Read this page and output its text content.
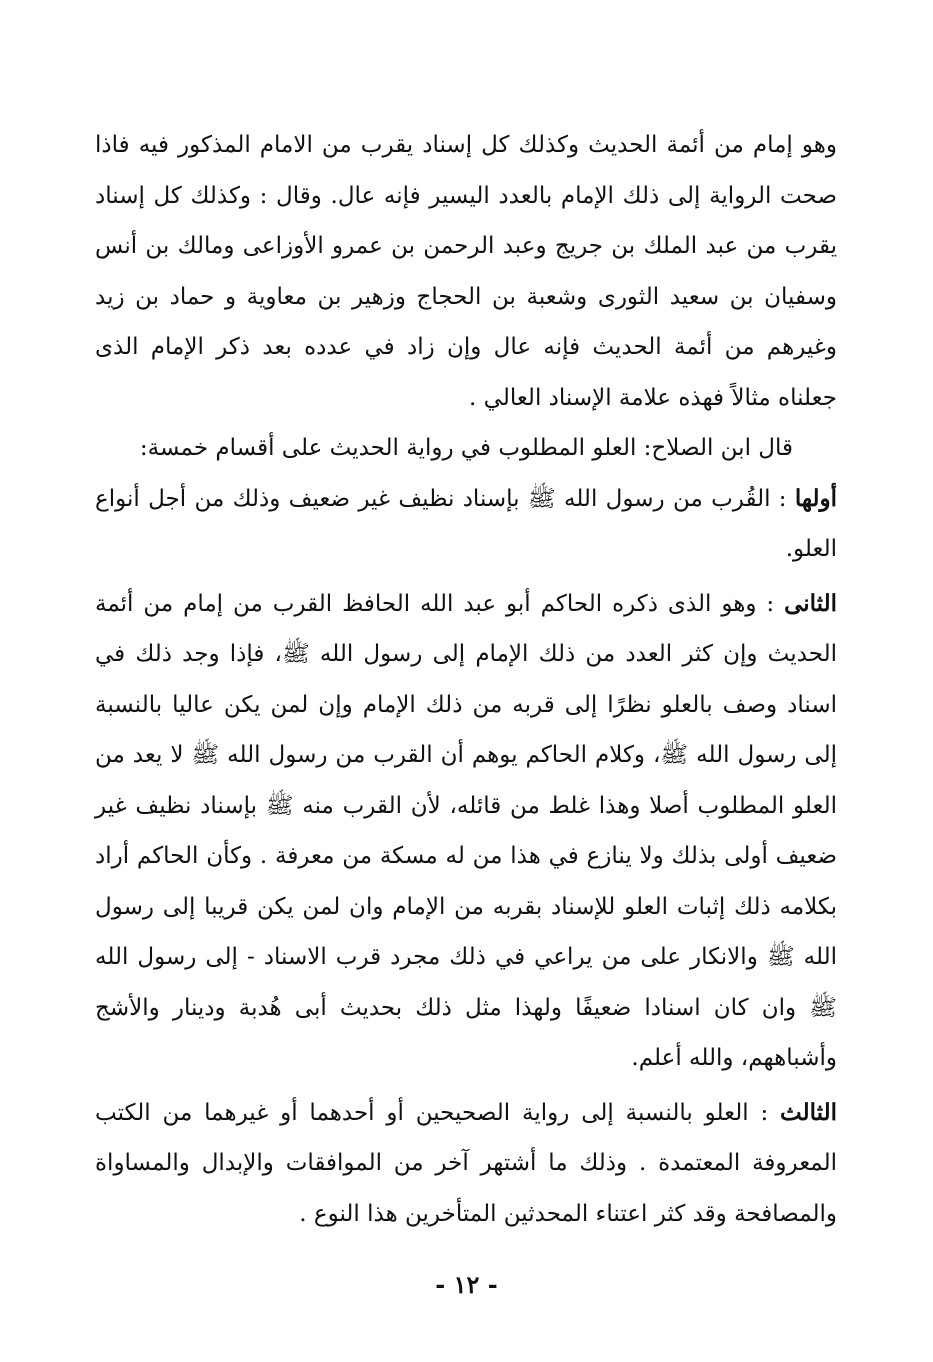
وهو إمام من أئمة الحديث وكذلك كل إسناد يقرب من الامام المذكور فيه فاذا صحت الرواية إلى ذلك الإمام بالعدد اليسير فإنه عال. وقال : وكذلك كل إسناد يقرب من عبد الملك بن جريج وعبد الرحمن بن عمرو الأوزاعى ومالك بن أنس وسفيان بن سعيد الثورى وشعبة بن الحجاج وزهير بن معاوية و حماد بن زيد وغيرهم من أئمة الحديث فإنه عال وإن زاد في عدده بعد ذكر الإمام الذى جعلناه مثالاً فهذه علامة الإسناد العالي .

قال ابن الصلاح: العلو المطلوب في رواية الحديث على أقسام خمسة:

أولها : القُرب من رسول الله ﷺ بإسناد نظيف غير ضعيف وذلك من أجل أنواع العلو.

الثانى : وهو الذى ذكره الحاكم أبو عبد الله الحافظ القرب من إمام من أئمة الحديث وإن كثر العدد من ذلك الإمام إلى رسول الله ﷺ، فإذا وجد ذلك في اسناد وصف بالعلو نظرًا إلى قربه من ذلك الإمام وإن لمن يكن عاليا بالنسبة إلى رسول الله ﷺ، وكلام الحاكم يوهم أن القرب من رسول الله ﷺ لا يعد من العلو المطلوب أصلا وهذا غلط من قائله، لأن القرب منه ﷺ بإسناد نظيف غير ضعيف أولى بذلك ولا ينازع في هذا من له مسكة من معرفة . وكأن الحاكم أراد بكلامه ذلك إثبات العلو للإسناد بقربه من الإمام وان لمن يكن قريبا إلى رسول الله ﷺ والانكار على من يراعي في ذلك مجرد قرب الاسناد - إلى رسول الله ﷺ وان كان اسنادا ضعيفًا ولهذا مثل ذلك بحديث أبى هُدبة ودينار والأشج وأشباههم، والله أعلم.

الثالث : العلو بالنسبة إلى رواية الصحيحين أو أحدهما أو غيرهما من الكتب المعروفة المعتمدة . وذلك ما أشتهر آخر من الموافقات والإبدال والمساواة والمصافحة وقد كثر اعتناء المحدثين المتأخرين هذا النوع .

- ١٢ -
